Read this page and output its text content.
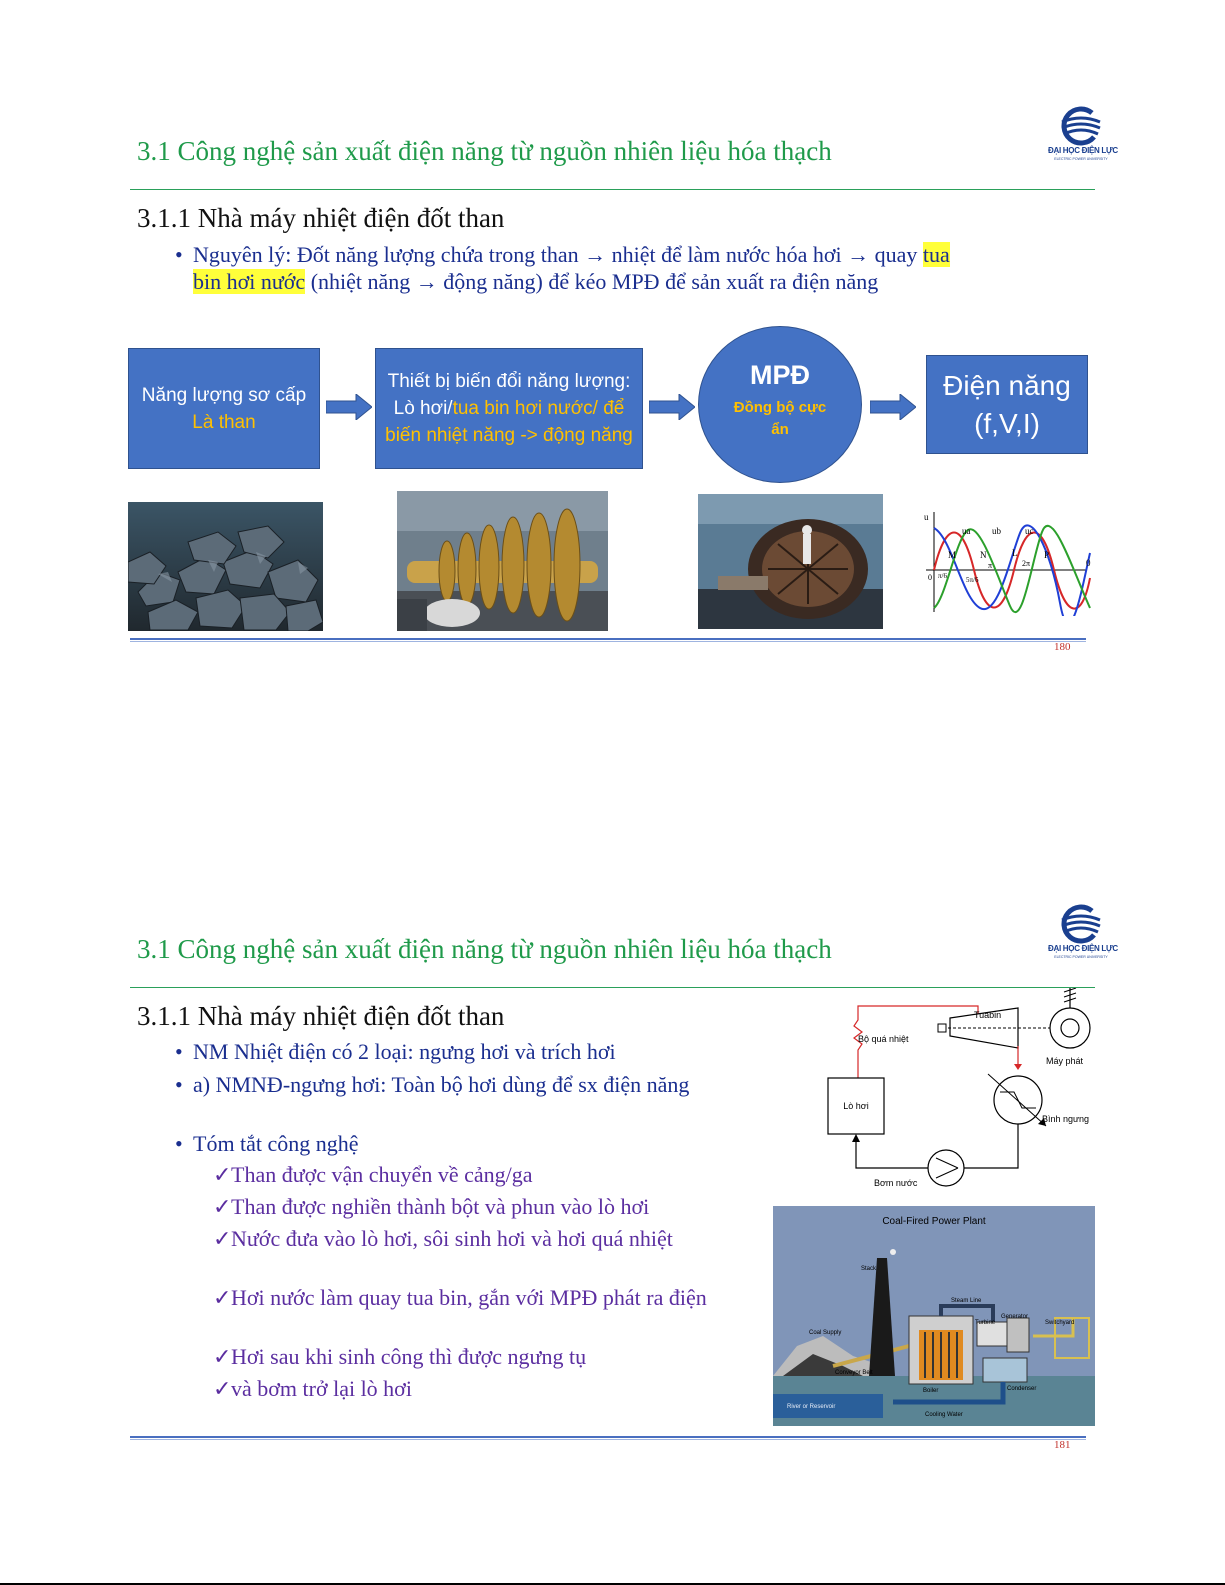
3.1 Công nghệ sản xuất điện năng từ nguồn nhiên liệu hóa thạch	ĐẠI HỌC ĐIỆN LỰC
ELECTRIC POWER UNIVERSITY
3.1.1 Nhà máy nhiệt điện đốt than
• Nguyên lý: Đốt năng lượng chứa trong than → nhiệt để làm nước hóa hơi → quay tua
bin hơi nước (nhiệt năng → động năng) để kéo MPĐ để sản xuất ra điện năng
Năng lượng sơ cấp
Là than
Thiết bị biến đổi năng lượng: Lò hơi/tua bin hơi nước/ để biến nhiệt năng -> động năng
MPĐ
Đồng bộ cực ẩn
Điện năng
(f,V,I)
u
ua ub	uc
M	N	L	P
π	2π	0
0 π/6	5π/6
180
3.1 Công nghệ sản xuất điện năng từ nguồn nhiên liệu hóa thạch	ĐẠI HỌC ĐIỆN LỰC
ELECTRIC POWER UNIVERSITY
3.1.1 Nhà máy nhiệt điện đốt than
• NM Nhiệt điện có 2 loại: ngưng hơi và trích hơi
• a) NMNĐ-ngưng hơi: Toàn bộ hơi dùng để sx điện năng
• Tóm tắt công nghệ
✓ Than được vận chuyển về cảng/ga
✓ Than được nghiền thành bột và phun vào lò hơi
✓ Nước đưa vào lò hơi, sôi sinh hơi và hơi quá nhiệt
✓ Hơi nước làm quay tua bin, gắn với MPĐ phát ra điện
✓ Hơi sau khi sinh công thì được ngưng tụ
✓ và bơm trở lại lò hơi
Lò hơi
Bộ quá nhiệt
Tuabin
Máy phát
Bình ngưng
Bơm nước
Coal-Fired Power Plant
Stack
Steam Line
Generator
Turbine	Switchyard
Coal Supply
Conveyor Belt
Boiler	Condenser
River or Reservoir
Cooling Water
181
